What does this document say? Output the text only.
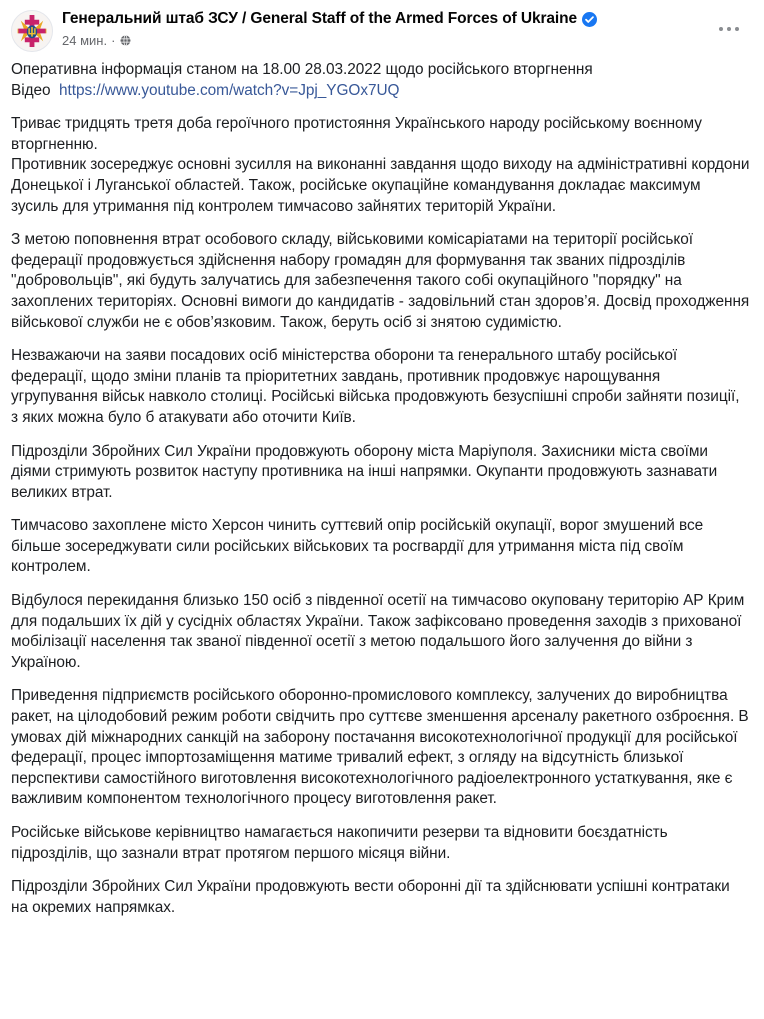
Генеральний штаб ЗСУ / General Staff of the Armed Forces of Ukraine
24 мин. ·

Оперативна інформація станом на 18.00 28.03.2022 щодо російського вторгнення

Відео https://www.youtube.com/watch?v=Jpj_YGOx7UQ

Триває тридцять третя доба героїчного протистояння Українського народу російському воєнному вторгненню.

Противник зосереджує основні зусилля на виконанні завдання щодо виходу на адміністративні кордони Донецької і Луганської областей. Також, російське окупаційне командування докладає максимум зусиль для утримання під контролем тимчасово зайнятих територій України.

З метою поповнення втрат особового складу, військовими комісаріатами на території російської федерації продовжується здійснення набору громадян для формування так званих підрозділів "добровольців", які будуть залучатись для забезпечення такого собі окупаційного "порядку" на захоплених територіях. Основні вимоги до кандидатів - задовільний стан здоров’я. Досвід проходження військової служби не є обов’язковим. Також, беруть осіб зі знятою судимістю.

Незважаючи на заяви посадових осіб міністерства оборони та генерального штабу російської федерації, щодо зміни планів та пріоритетних завдань, противник продовжує нарощування угрупування військ навколо столиці. Російські війська продовжують безуспішні спроби зайняти позиції, з яких можна було б атакувати або оточити Київ.

Підрозділи Збройних Сил України продовжують оборону міста Маріуполя. Захисники міста своїми діями стримують розвиток наступу противника на інші напрямки. Окупанти продовжують зазнавати великих втрат.

Тимчасово захоплене місто Херсон чинить суттєвий опір російській окупації, ворог змушений все більше зосереджувати сили російських військових та росгвардії для утримання міста під своїм контролем.

Відбулося перекидання близько 150 осіб з південної осетії на тимчасово окуповану територію АР Крим для подальших їх дій у сусідніх областях України. Також зафіксовано проведення заходів з прихованої мобілізації населення так званої південної осетії з метою подальшого його залучення до війни з Україною.

Приведення підприємств російського оборонно-промислового комплексу, залучених до виробництва ракет, на цілодобовий режим роботи свідчить про суттєве зменшення арсеналу ракетного озброєння. В умовах дій міжнародних санкцій на заборону постачання високотехнологічної продукції для російської федерації, процес імпортозаміщення матиме тривалий ефект, з огляду на відсутність близької перспективи самостійного виготовлення високотехнологічного радіоелектронного устаткування, яке є важливим компонентом технологічного процесу виготовлення ракет.

Російське військове керівництво намагається накопичити резерви та відновити боєздатність підрозділів, що зазнали втрат протягом першого місяця війни.

Підрозділи Збройних Сил України продовжують вести оборонні дії та здійснювати успішні контратаки на окремих напрямках.
